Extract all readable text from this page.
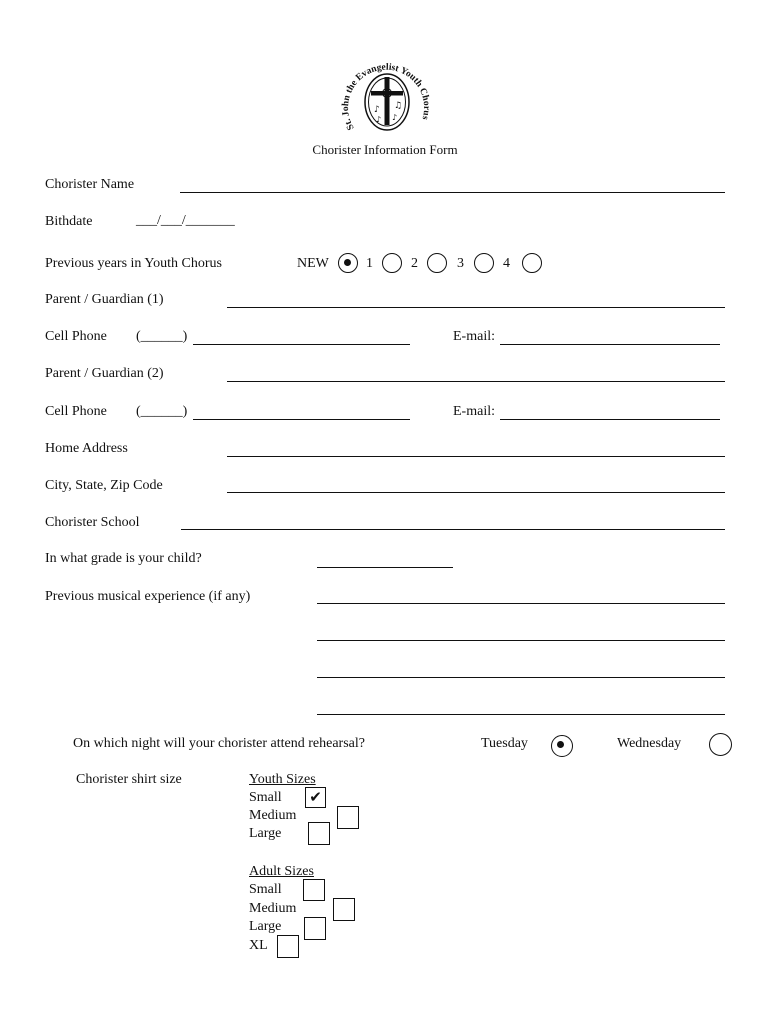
St. John the Evangelist Youth Chorus
♪ ♫
♪ ♪
Chorister Information Form
Chorister Name
Bithdate	___/___/_______
Previous years in Youth Chorus	NEW	1	2	3	4
Parent / Guardian (1)
Cell Phone (______)	E-mail:
Parent / Guardian (2)
Cell Phone (______)	E-mail:
Home Address
City, State, Zip Code
Chorister School
In what grade is your child?
Previous musical experience (if any)
On which night will your chorister attend rehearsal?	Tuesday	Wednesday
Chorister shirt size	Youth Sizes
Small ✔
Medium
Large
Adult Sizes
Small
Medium
Large
XL
